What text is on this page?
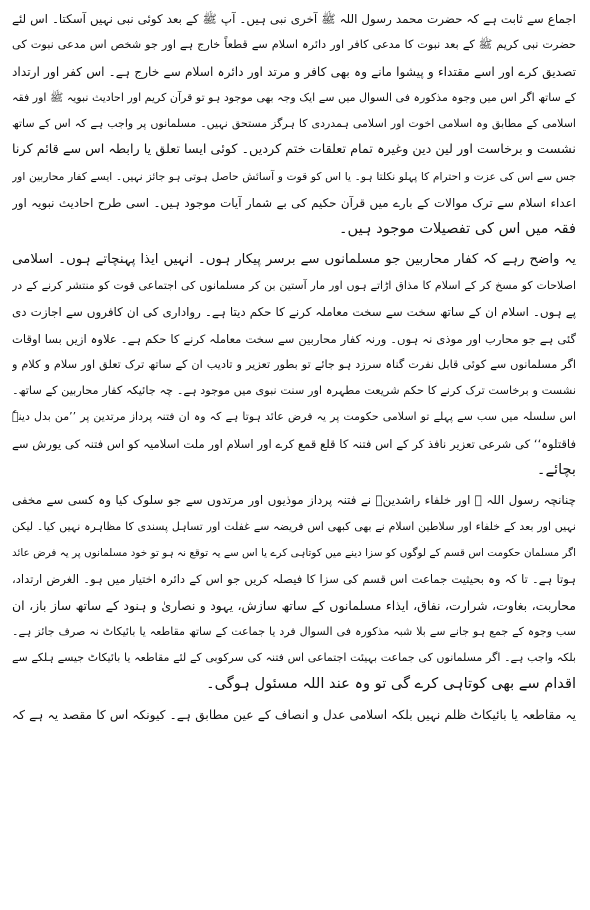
اجماع سے ثابت ہے کہ حضرت محمد رسول اللہ ﷺ آخری نبی ہیں۔ آپ ﷺ کے بعد کوئی نبی نہیں آسکتا۔ اس لئے
حضرت نبی کریم ﷺ کے بعد نبوت کا مدعی کافر اور دائرہ اسلام سے قطعاً خارج ہے اور جو شخص اس مدعی نبوت کی
تصدیق کرے اور اسے مقتداء و پیشوا مانے وہ بھی کافر و مرتد اور دائرہ اسلام سے خارج ہے۔ اس کفر اور ارتداد
کے ساتھ اگر اس میں وجوہ مذکورہ فی السوال میں سے ایک وجہ بھی موجود ہو تو قرآن کریم اور احادیث نبویہ ﷺ اور فقہ
اسلامی کے مطابق وہ اسلامی اخوت اور اسلامی ہمدردی کا ہرگز مستحق نہیں۔ مسلمانوں پر واجب ہے کہ اس کے ساتھ
نشست و برخاست اور لین دین وغیرہ تمام تعلقات ختم کردیں۔ کوئی ایسا تعلق یا رابطہ اس سے قائم کرنا
جس سے اس کی عزت و احترام کا پہلو نکلتا ہو۔ یا اس کو قوت و آسائش حاصل ہوتی ہو جائز نہیں۔ ایسے کفار محاربین اور
اعداء اسلام سے ترک موالات کے بارے میں قرآن حکیم کی بے شمار آیات موجود ہیں۔ اسی طرح احادیث نبویہ اور
فقہ میں اس کی تفصیلات موجود ہیں۔
یہ واضح رہے کہ کفار محاربین جو مسلمانوں سے برسر پیکار ہوں۔ انہیں ایذا پہنچاتے ہوں۔ اسلامی
اصلاحات کو مسخ کر کے اسلام کا مذاق اڑاتے ہوں اور مار آستین بن کر مسلمانوں کی اجتماعی قوت کو منتشر کرنے کے در
پے ہوں۔ اسلام ان کے ساتھ سخت سے سخت معاملہ کرنے کا حکم دیتا ہے۔ رواداری کی ان کافروں سے اجازت دی
گئی ہے جو محارب اور موذی نہ ہوں۔ ورنہ کفار محاربین سے سخت معاملہ کرنے کا حکم ہے۔ علاوہ ازیں بسا اوقات
اگر مسلمانوں سے کوئی قابل نفرت گناہ سرزد ہو جائے تو بطور تعزیر و تادیب ان کے ساتھ ترک تعلق اور سلام و کلام و
نشست و برخاست ترک کرنے کا حکم شریعت مطہرہ اور سنت نبوی میں موجود ہے۔ چہ جائیکہ کفار محاربین کے ساتھ۔
اس سلسلہ میں سب سے پہلے تو اسلامی حکومت پر یہ فرض عائد ہوتا ہے کہ وہ ان فتنہ پرداز مرتدین پر ’’من بدل دینہٗ
فاقتلوہ‘‘ کی شرعی تعزیر نافذ کر کے اس فتنہ کا قلع قمع کرے اور اسلام اور ملت اسلامیہ کو اس فتنہ کی یورش سے
بچائے۔
چنانچہ رسول اللہ ﷺ اور خلفاء راشدینؓ نے فتنہ پرداز موذیوں اور مرتدوں سے جو سلوک کیا وہ کسی سے مخفی
نہیں اور بعد کے خلفاء اور سلاطین اسلام نے بھی کبھی اس فریضہ سے غفلت اور تساہل پسندی کا مظاہرہ نہیں کیا۔ لیکن
اگر مسلمان حکومت اس قسم کے لوگوں کو سزا دینے میں کوتاہی کرے یا اس سے یہ توقع نہ ہو تو خود مسلمانوں پر یہ فرض عائد
ہوتا ہے۔ تا کہ وہ بحیثیت جماعت اس قسم کی سزا کا فیصلہ کریں جو اس کے دائرہ اختیار میں ہو۔ الغرض ارتداد،
محاربت، بغاوت، شرارت، نفاق، ایذاء مسلمانوں کے ساتھ سازش، یہود و نصاریٰ و ہنود کے ساتھ ساز باز، ان
سب وجوہ کے جمع ہو جانے سے بلا شبہ مذکورہ فی السوال فرد یا جماعت کے ساتھ مقاطعہ یا بائیکاٹ نہ صرف جائز ہے۔
بلکہ واجب ہے۔ اگر مسلمانوں کی جماعت بہیئت اجتماعی اس فتنہ کی سرکوبی کے لئے مقاطعہ یا بائیکاٹ جیسے ہلکے سے
اقدام سے بھی کوتاہی کرے گی تو وہ عند اللہ مسئول ہوگی۔
یہ مقاطعہ یا بائیکاٹ ظلم نہیں بلکہ اسلامی عدل و انصاف کے عین مطابق ہے۔ کیونکہ اس کا مقصد یہ ہے کہ
